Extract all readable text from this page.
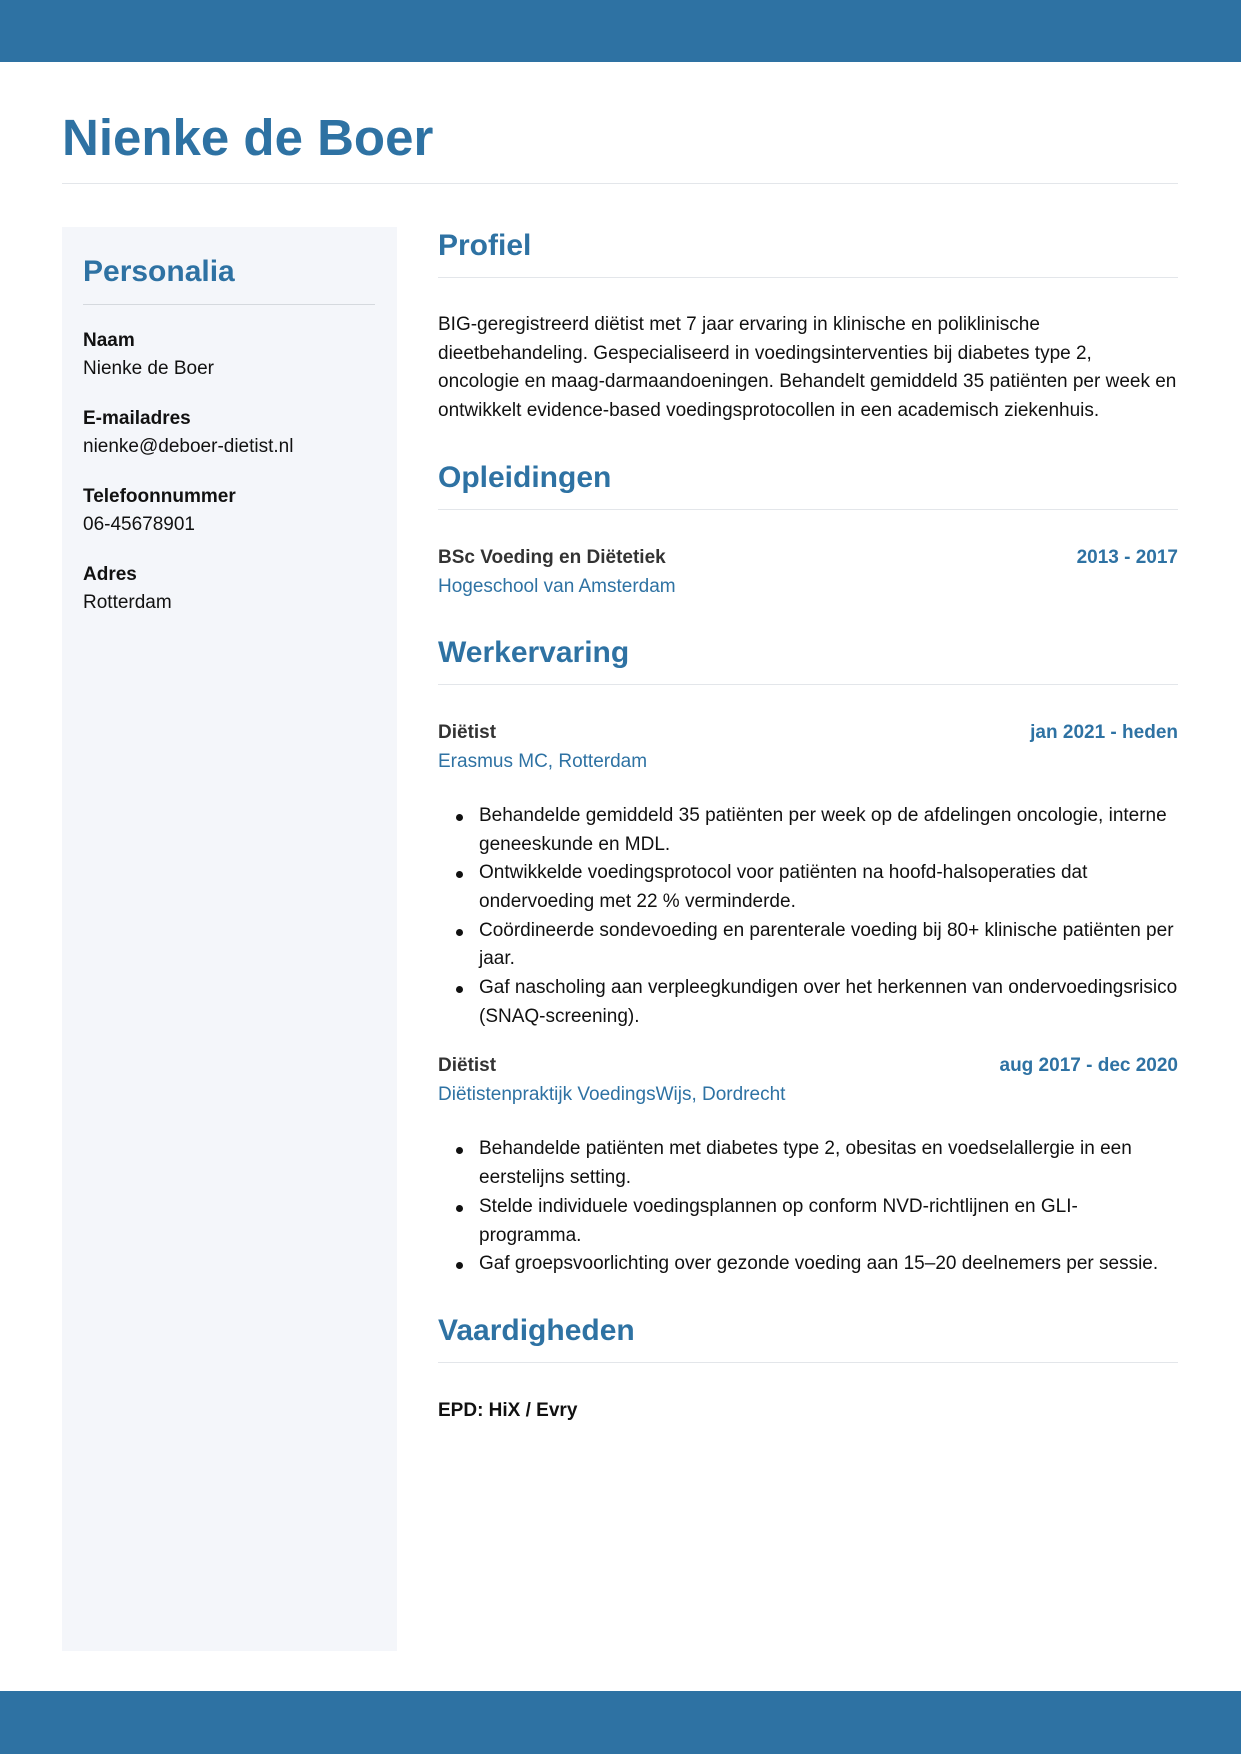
Nienke de Boer
Personalia
Naam
Nienke de Boer
E-mailadres
nienke@deboer-dietist.nl
Telefoonnummer
06-45678901
Adres
Rotterdam
Profiel

BIG-geregistreerd diëtist met 7 jaar ervaring in klinische en poliklinische dieetbehandeling. Gespecialiseerd in voedingsinterventies bij diabetes type 2, oncologie en maag-darmaandoeningen. Behandelt gemiddeld 35 patiënten per week en ontwikkelt evidence-based voedingsprotocollen in een academisch ziekenhuis.

Opleidingen
BSc Voeding en Diëtetiek	2013 - 2017
Hogeschool van Amsterdam
Werkervaring
Diëtist	jan 2021 - heden
Erasmus MC, Rotterdam
Behandelde gemiddeld 35 patiënten per week op de afdelingen oncologie, interne geneeskunde en MDL.
Ontwikkelde voedingsprotocol voor patiënten na hoofd-halsoperaties dat ondervoeding met 22 % verminderde.
Coördineerde sondevoeding en parenterale voeding bij 80+ klinische patiënten per jaar.
Gaf nascholing aan verpleegkundigen over het herkennen van ondervoedingsrisico (SNAQ-screening).
Diëtist	aug 2017 - dec 2020
Diëtistenpraktijk VoedingsWijs, Dordrecht
Behandelde patiënten met diabetes type 2, obesitas en voedselallergie in een eerstelijns setting.
Stelde individuele voedingsplannen op conform NVD-richtlijnen en GLI-programma.
Gaf groepsvoorlichting over gezonde voeding aan 15–20 deelnemers per sessie.
Vaardigheden
EPD: HiX / Evry
